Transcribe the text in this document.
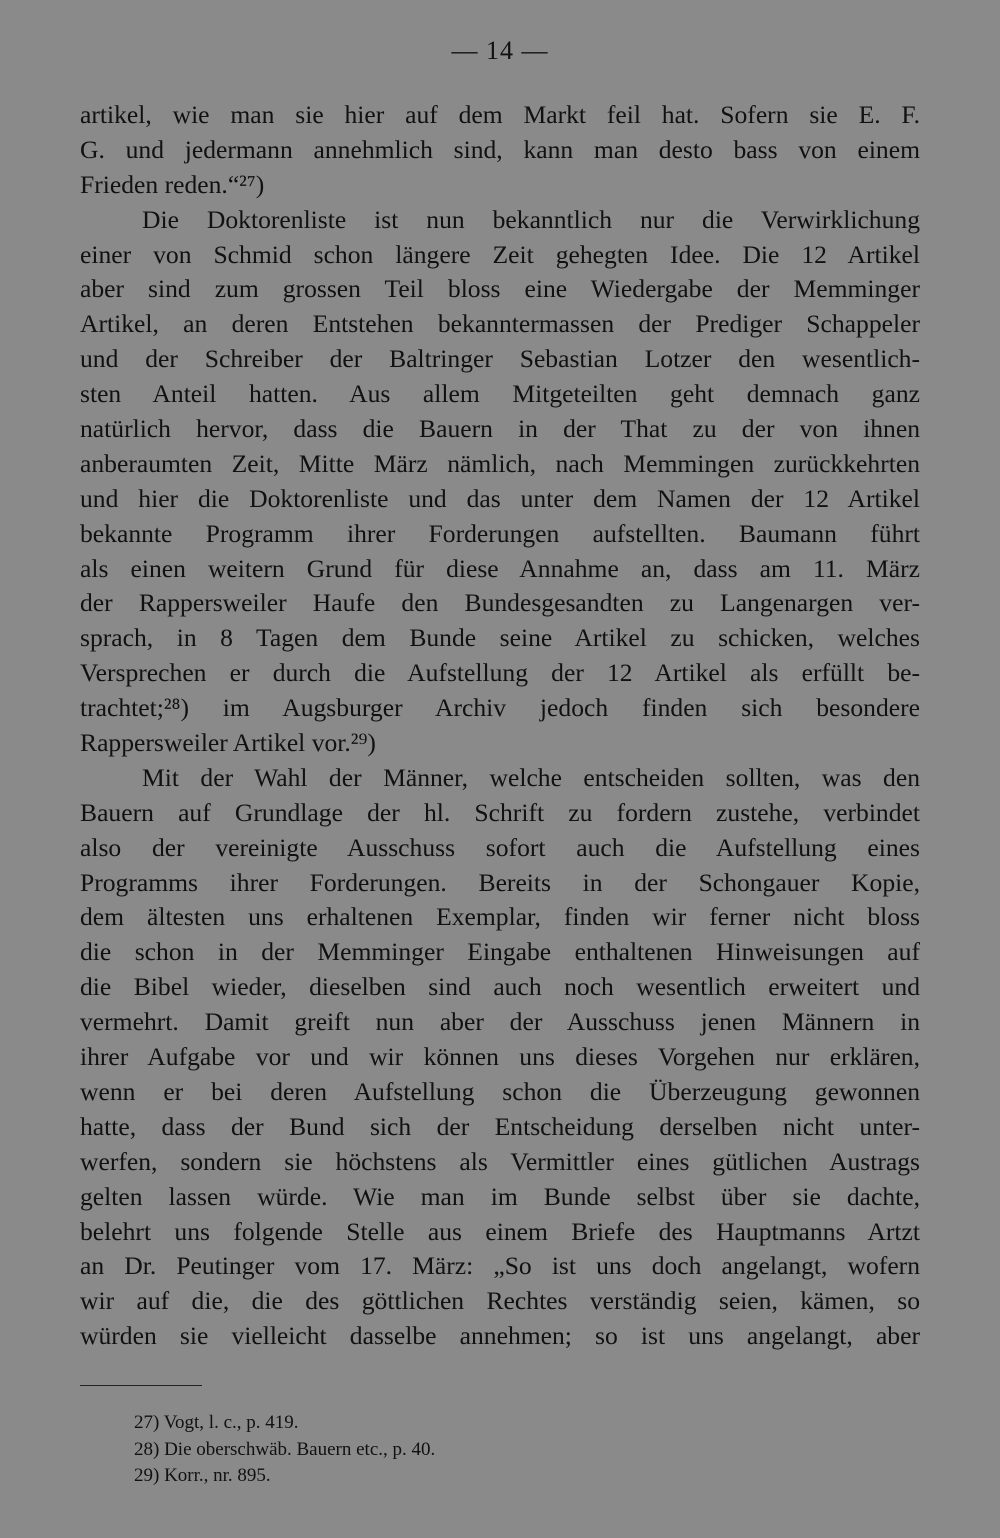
— 14 —
artikel, wie man sie hier auf dem Markt feil hat. Sofern sie E. F.
G. und jedermann annehmlich sind, kann man desto bass von einem
Frieden reden.“²⁷)
Die Doktorenliste ist nun bekanntlich nur die Verwirklichung
einer von Schmid schon längere Zeit gehegten Idee. Die 12 Artikel
aber sind zum grossen Teil bloss eine Wiedergabe der Memminger
Artikel, an deren Entstehen bekanntermassen der Prediger Schappeler
und der Schreiber der Baltringer Sebastian Lotzer den wesentlich-
sten Anteil hatten. Aus allem Mitgeteilten geht demnach ganz
natürlich hervor, dass die Bauern in der That zu der von ihnen
anberaumten Zeit, Mitte März nämlich, nach Memmingen zurückkehrten
und hier die Doktorenliste und das unter dem Namen der 12 Artikel
bekannte Programm ihrer Forderungen aufstellten. Baumann führt
als einen weitern Grund für diese Annahme an, dass am 11. März
der Rappersweiler Haufe den Bundesgesandten zu Langenargen ver-
sprach, in 8 Tagen dem Bunde seine Artikel zu schicken, welches
Versprechen er durch die Aufstellung der 12 Artikel als erfüllt be-
trachtet;²⁸) im Augsburger Archiv jedoch finden sich besondere
Rappersweiler Artikel vor.²⁹)
Mit der Wahl der Männer, welche entscheiden sollten, was den
Bauern auf Grundlage der hl. Schrift zu fordern zustehe, verbindet
also der vereinigte Ausschuss sofort auch die Aufstellung eines
Programms ihrer Forderungen. Bereits in der Schongauer Kopie,
dem ältesten uns erhaltenen Exemplar, finden wir ferner nicht bloss
die schon in der Memminger Eingabe enthaltenen Hinweisungen auf
die Bibel wieder, dieselben sind auch noch wesentlich erweitert und
vermehrt. Damit greift nun aber der Ausschuss jenen Männern in
ihrer Aufgabe vor und wir können uns dieses Vorgehen nur erklären,
wenn er bei deren Aufstellung schon die Überzeugung gewonnen
hatte, dass der Bund sich der Entscheidung derselben nicht unter-
werfen, sondern sie höchstens als Vermittler eines gütlichen Austrags
gelten lassen würde. Wie man im Bunde selbst über sie dachte,
belehrt uns folgende Stelle aus einem Briefe des Hauptmanns Artzt
an Dr. Peutinger vom 17. März: „So ist uns doch angelangt, wofern
wir auf die, die des göttlichen Rechtes verständig seien, kämen, so
würden sie vielleicht dasselbe annehmen; so ist uns angelangt, aber
27) Vogt, l. c., p. 419.
28) Die oberschwäb. Bauern etc., p. 40.
29) Korr., nr. 895.
